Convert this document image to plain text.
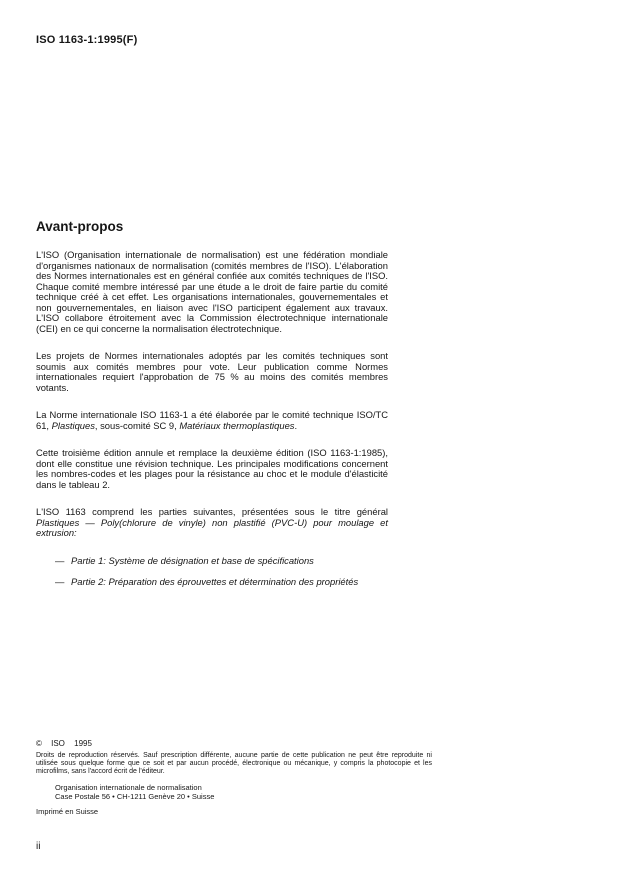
ISO 1163-1:1995(F)
Avant-propos

L'ISO (Organisation internationale de normalisation) est une fédération mondiale d'organismes nationaux de normalisation (comités membres de l'ISO). L'élaboration des Normes internationales est en général confiée aux comités techniques de l'ISO. Chaque comité membre intéressé par une étude a le droit de faire partie du comité technique créé à cet effet. Les organisations internationales, gouvernementales et non gouvernementales, en liaison avec l'ISO participent également aux travaux. L'ISO collabore étroitement avec la Commission électrotechnique internationale (CEI) en ce qui concerne la normalisation électrotechnique.

Les projets de Normes internationales adoptés par les comités techniques sont soumis aux comités membres pour vote. Leur publication comme Normes internationales requiert l'approbation de 75 % au moins des comités membres votants.

La Norme internationale ISO 1163-1 a été élaborée par le comité technique ISO/TC 61, Plastiques, sous-comité SC 9, Matériaux thermoplastiques.

Cette troisième édition annule et remplace la deuxième édition (ISO 1163-1:1985), dont elle constitue une révision technique. Les principales modifications concernent les nombres-codes et les plages pour la résistance au choc et le module d'élasticité dans le tableau 2.

L'ISO 1163 comprend les parties suivantes, présentées sous le titre général Plastiques — Poly(chlorure de vinyle) non plastifié (PVC-U) pour moulage et extrusion:

— Partie 1: Système de désignation et base de spécifications
— Partie 2: Préparation des éprouvettes et détermination des propriétés
© ISO 1995
Droits de reproduction réservés. Sauf prescription différente, aucune partie de cette publication ne peut être reproduite ni utilisée sous quelque forme que ce soit et par aucun procédé, électronique ou mécanique, y compris la photocopie et les microfilms, sans l'accord écrit de l'éditeur.
Organisation internationale de normalisation
Case Postale 56 • CH-1211 Genève 20 • Suisse
Imprimé en Suisse
ii
